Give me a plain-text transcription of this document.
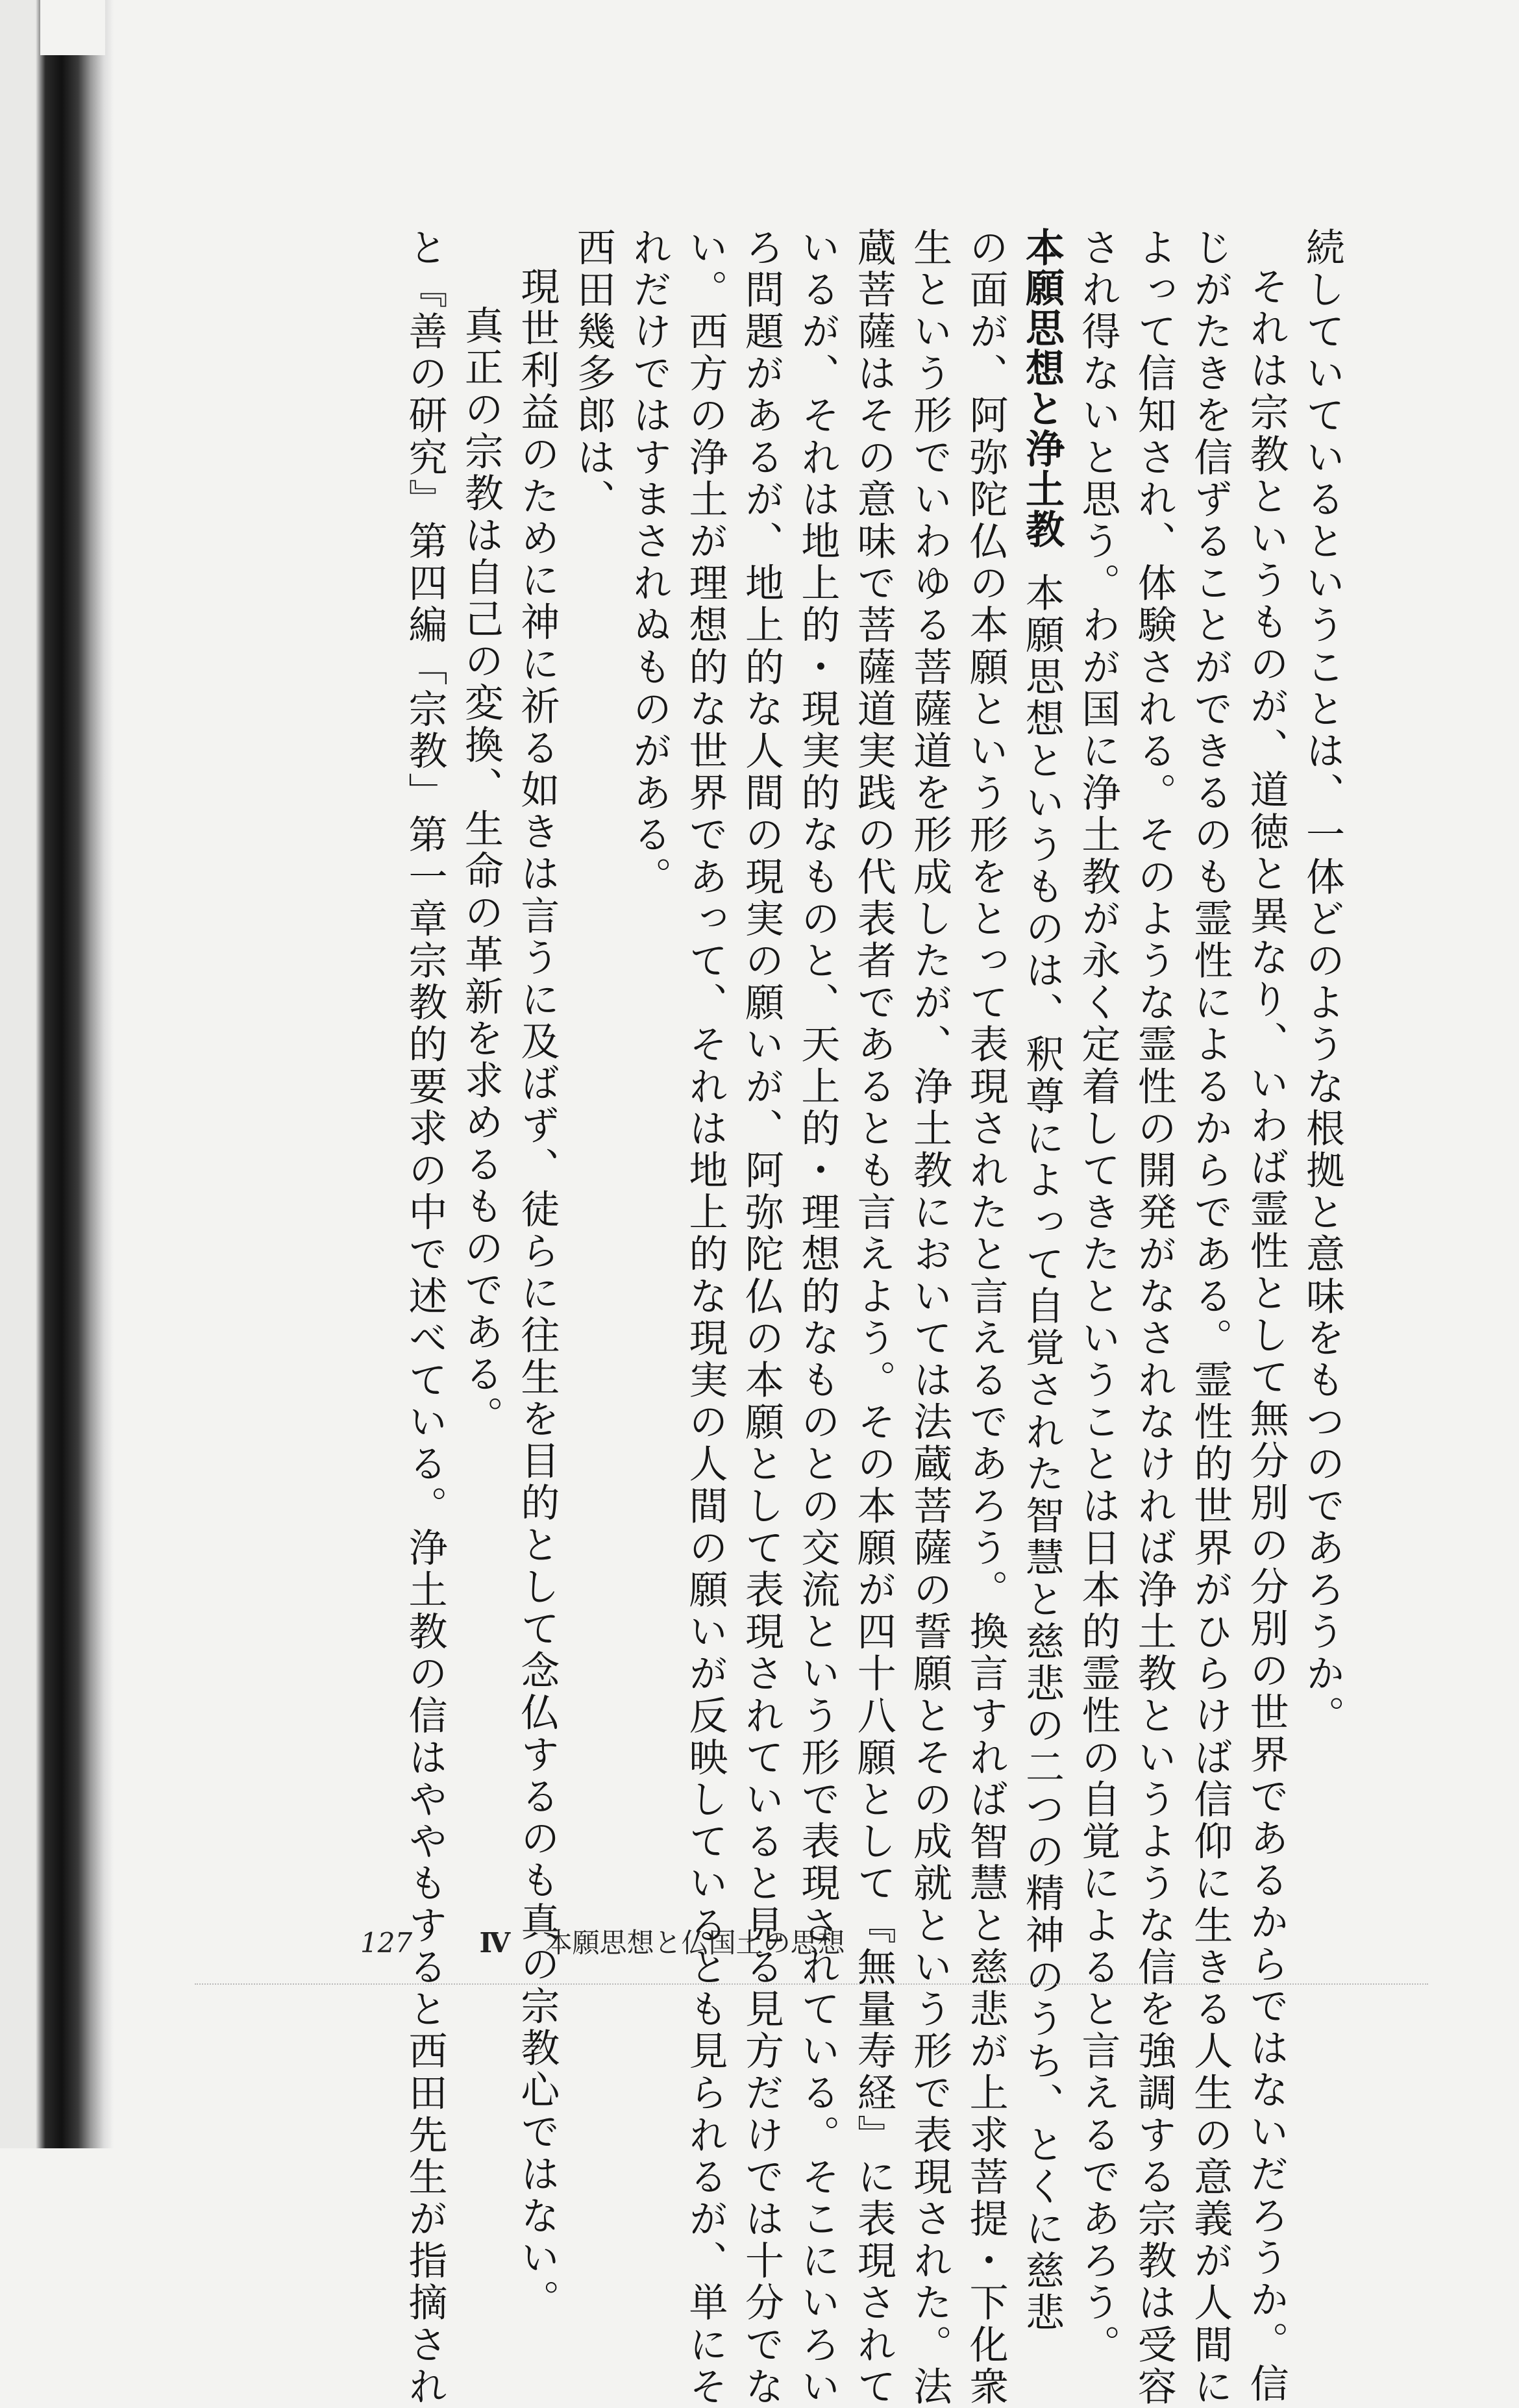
続していているということは、一体どのような根拠と意味をもつのであろうか。
それは宗教というものが、道徳と異なり、いわば霊性として無分別の分別の世界であるからではないだろうか。信
じがたきを信ずることができるのも霊性によるからである。霊性的世界がひらけば信仰に生きる人生の意義が人間に
よって信知され、体験される。そのような霊性の開発がなされなければ浄土教というような信を強調する宗教は受容
され得ないと思う。わが国に浄土教が永く定着してきたということは日本的霊性の自覚によると言えるであろう。
本願思想と浄土教本願思想というものは、釈尊によって自覚された智慧と慈悲の二つの精神のうち、とくに慈悲
の面が、阿弥陀仏の本願という形をとって表現されたと言えるであろう。換言すれば智慧と慈悲が上求菩提・下化衆
生という形でいわゆる菩薩道を形成したが、浄土教においては法蔵菩薩の誓願とその成就という形で表現された。法
蔵菩薩はその意味で菩薩道実践の代表者であるとも言えよう。その本願が四十八願として『無量寿経』に表現されて
いるが、それは地上的・現実的なものと、天上的・理想的なものとの交流という形で表現されている。そこにいろい
ろ問題があるが、地上的な人間の現実の願いが、阿弥陀仏の本願として表現されていると見る見方だけでは十分でな
い。西方の浄土が理想的な世界であって、それは地上的な現実の人間の願いが反映しているとも見られるが、単にそ
れだけではすまされぬものがある。
西田幾多郎は、
現世利益のために神に祈る如きは言うに及ばず、徒らに往生を目的として念仏するのも真の宗教心ではない。
真正の宗教は自己の変換、生命の革新を求めるものである。
と『善の研究』第四編「宗教」第一章宗教的要求の中で述べている。浄土教の信はややもすると西田先生が指摘され
127 Ⅳ 本願思想と仏国土の思想
